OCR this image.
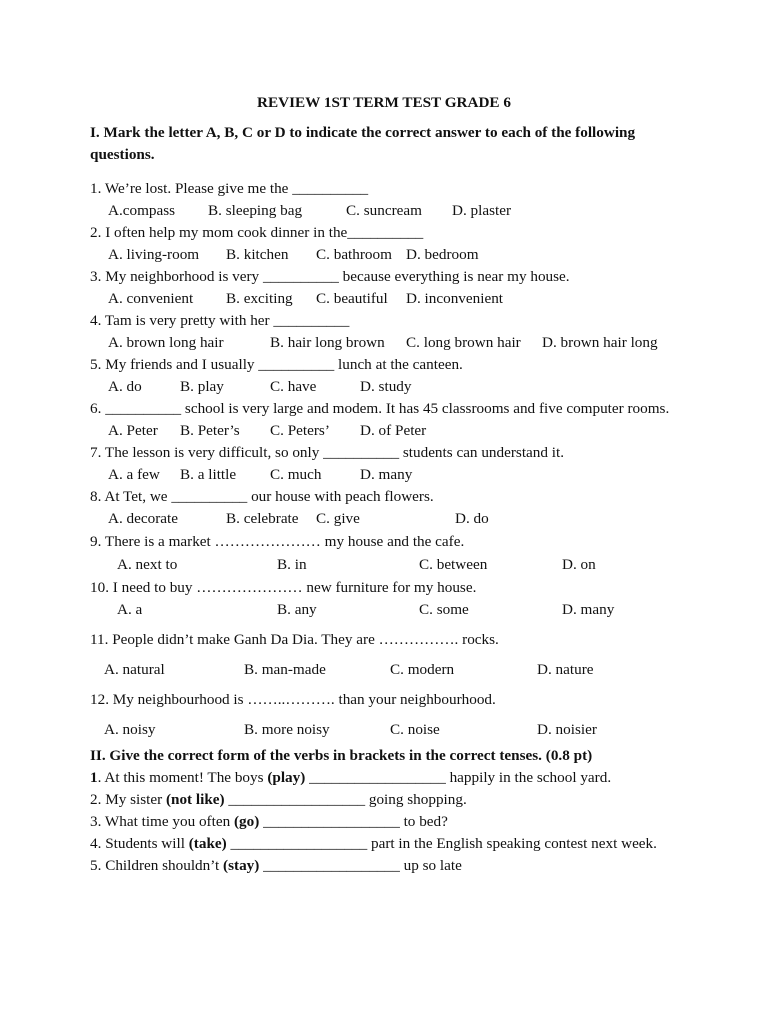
REVIEW 1ST TERM TEST GRADE 6
I. Mark the letter A, B, C or D to indicate the correct answer to each of the following questions.
1. We’re lost. Please give me the __________
A.compass B. sleeping bag	C. suncream D. plaster
2. I often help my mom cook dinner in the__________
A. living-room B. kitchen C. bathroom D. bedroom
3. My neighborhood is very __________ because everything is near my house.
A. convenient B. exciting C. beautiful D. inconvenient
4. Tam is very pretty with her __________
A. brown long hair	B. hair long brown C. long brown hair D. brown hair long
5. My friends and I usually __________ lunch at the canteen.
A. do	B. play	C. have	D. study
6. __________ school is very large and modem. It has 45 classrooms and five computer rooms.
A. Peter B. Peter’s C. Peters’ D. of Peter
7. The lesson is very difficult, so only __________ students can understand it.
A. a few B. a little C. much	D. many
8. At Tet, we __________ our house with peach flowers.
A. decorate	B. celebrate C. give	D. do
9. There is a market ………………… my house and the cafe.
A. next to	B. in	C. between	D. on
10. I need to buy ………………… new furniture for my house.
A. a	B. any	C. some	D. many
11. People didn’t make Ganh Da Dia. They are ……………. rocks.
A. natural	B. man-made	C. modern	D. nature
12. My neighbourhood is ……..………. than your neighbourhood.
A. noisy	B. more noisy	C. noise	D. noisier
II. Give the correct form of the verbs in brackets in the correct tenses. (0.8 pt)
1. At this moment! The boys (play) __________________ happily in the school yard.
2. My sister (not like) __________________ going shopping.
3. What time you often (go) __________________ to bed?
4. Students will (take) __________________ part in the English speaking contest next week.
5. Children shouldn’t (stay) __________________ up so late
